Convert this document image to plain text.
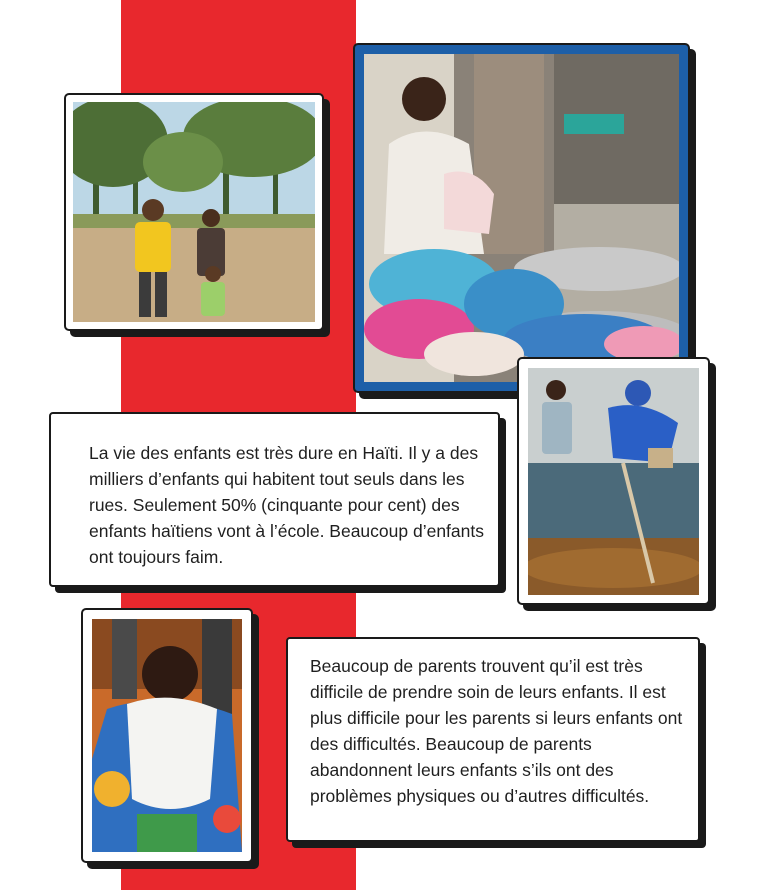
La vie des enfants est très dure en Haïti. Il y a des milliers d’enfants qui habitent tout seuls dans les rues. Seulement 50% (cinquante pour cent) des enfants haïtiens vont à l’école. Beaucoup d’enfants ont toujours faim.

Beaucoup de parents trouvent qu’il est très difficile de prendre soin de leurs enfants. Il est plus difficile pour les parents si leurs enfants ont des difficultés. Beaucoup de parents abandonnent leurs enfants s’ils ont des problèmes physiques ou d’autres difficultés.
